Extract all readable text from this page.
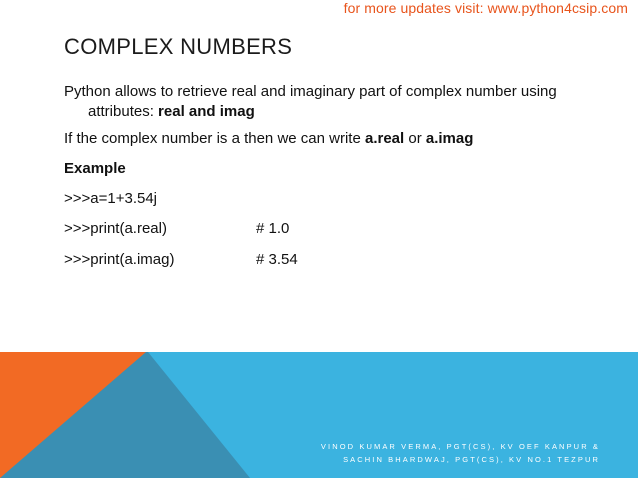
for more updates visit: www.python4csip.com
COMPLEX NUMBERS

Python allows to retrieve real and imaginary part of complex number using attributes: real and imag

If the complex number is a then we can write a.real or a.imag

Example

>>>a=1+3.54j

>>>print(a.real)	# 1.0

>>>print(a.imag)	# 3.54

VINOD KUMAR VERMA, PGT(CS), KV OEF KANPUR &
SACHIN BHARDWAJ, PGT(CS), KV NO.1 TEZPUR
